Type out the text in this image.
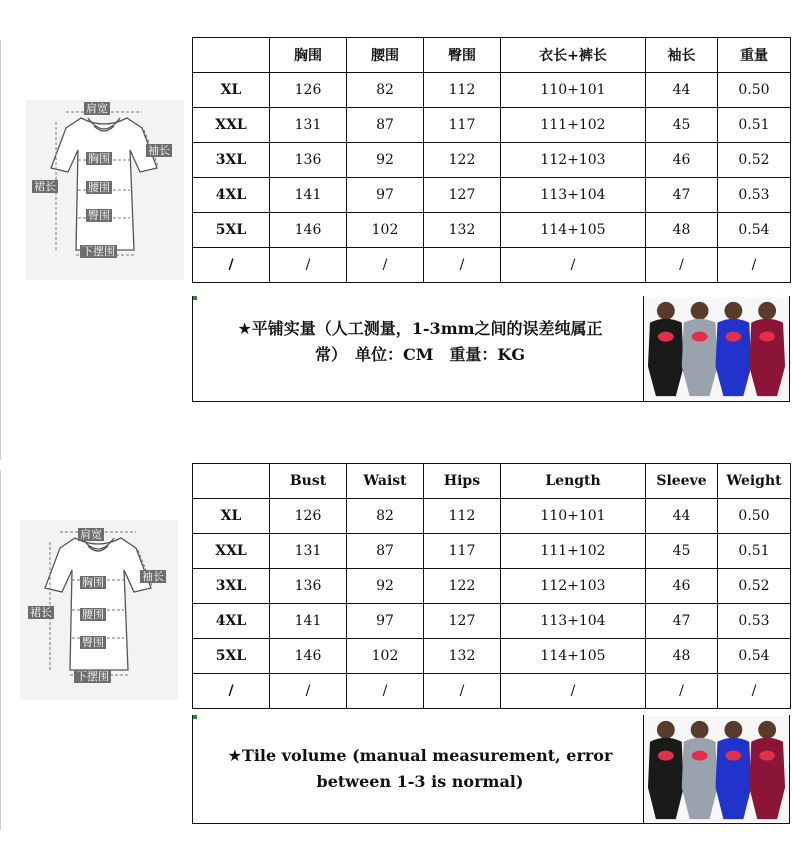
肩宽
袖长
胸围
裙长	腰围
臀围
下摆围
	胸围	腰围	臀围	衣长+裤长	袖长	重量
XL	126	82	112	110+101	44	0.50
XXL	131	87	117	111+102	45	0.51
3XL	136	92	122	112+103	46	0.52
4XL	141	97	127	113+104	47	0.53
5XL	146	102	132	114+105	48	0.54
/	/	/	/	/	/	/
★平铺实量（人工测量，1-3mm之间的误差纯属正
常）　单位：CM　重量：KG
肩宽
袖长
胸围
裙长	腰围
臀围
下摆围
	Bust	Waist	Hips	Length	Sleeve	Weight
XL	126	82	112	110+101	44	0.50
XXL	131	87	117	111+102	45	0.51
3XL	136	92	122	112+103	46	0.52
4XL	141	97	127	113+104	47	0.53
5XL	146	102	132	114+105	48	0.54
/	/	/	/	/	/	/
★Tile volume (manual measurement, error
between 1-3 is normal)
